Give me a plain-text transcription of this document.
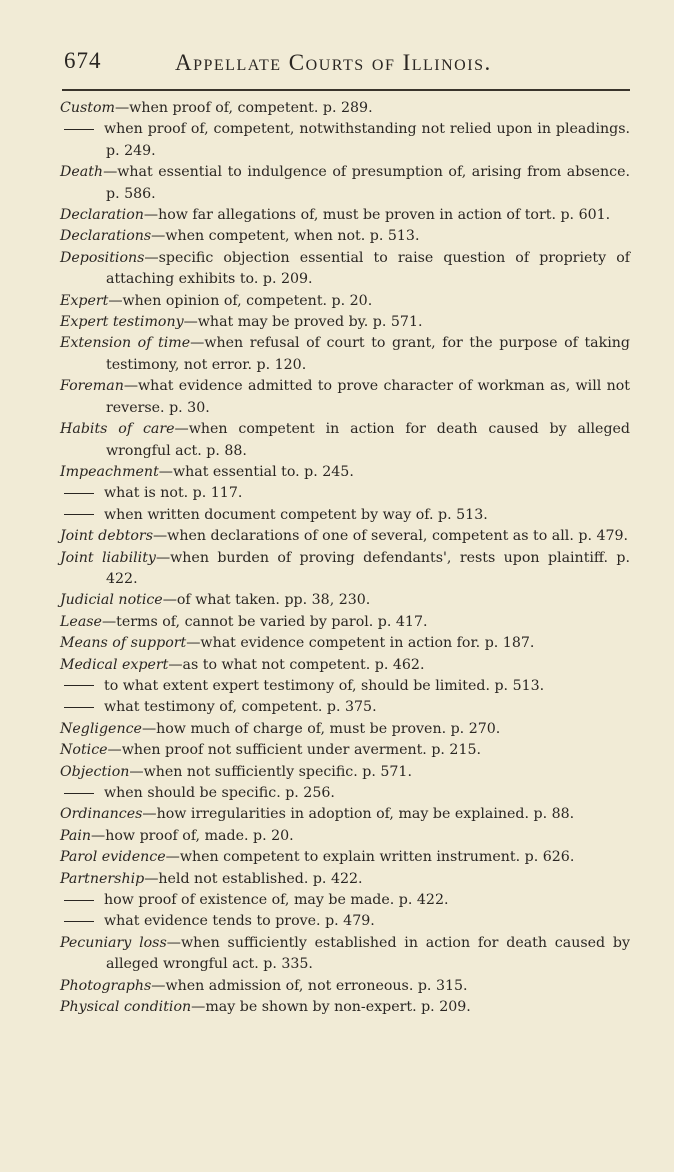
674	Appellate Courts of Illinois.
Custom—when proof of, competent. p. 289.
when proof of, competent, notwithstanding not relied upon in pleadings. p. 249.
Death—what essential to indulgence of presumption of, arising from absence. p. 586.
Declaration—how far allegations of, must be proven in action of tort. p. 601.
Declarations—when competent, when not. p. 513.
Depositions—specific objection essential to raise question of propriety of attaching exhibits to. p. 209.
Expert—when opinion of, competent. p. 20.
Expert testimony—what may be proved by. p. 571.
Extension of time—when refusal of court to grant, for the purpose of taking testimony, not error. p. 120.
Foreman—what evidence admitted to prove character of workman as, will not reverse. p. 30.
Habits of care—when competent in action for death caused by alleged wrongful act. p. 88.
Impeachment—what essential to. p. 245.
what is not. p. 117.
when written document competent by way of. p. 513.
Joint debtors—when declarations of one of several, competent as to all. p. 479.
Joint liability—when burden of proving defendants', rests upon plaintiff. p. 422.
Judicial notice—of what taken. pp. 38, 230.
Lease—terms of, cannot be varied by parol. p. 417.
Means of support—what evidence competent in action for. p. 187.
Medical expert—as to what not competent. p. 462.
to what extent expert testimony of, should be limited. p. 513.
what testimony of, competent. p. 375.
Negligence—how much of charge of, must be proven. p. 270.
Notice—when proof not sufficient under averment. p. 215.
Objection—when not sufficiently specific. p. 571.
when should be specific. p. 256.
Ordinances—how irregularities in adoption of, may be explained. p. 88.
Pain—how proof of, made. p. 20.
Parol evidence—when competent to explain written instrument. p. 626.
Partnership—held not established. p. 422.
how proof of existence of, may be made. p. 422.
what evidence tends to prove. p. 479.
Pecuniary loss—when sufficiently established in action for death caused by alleged wrongful act. p. 335.
Photographs—when admission of, not erroneous. p. 315.
Physical condition—may be shown by non-expert. p. 209.
